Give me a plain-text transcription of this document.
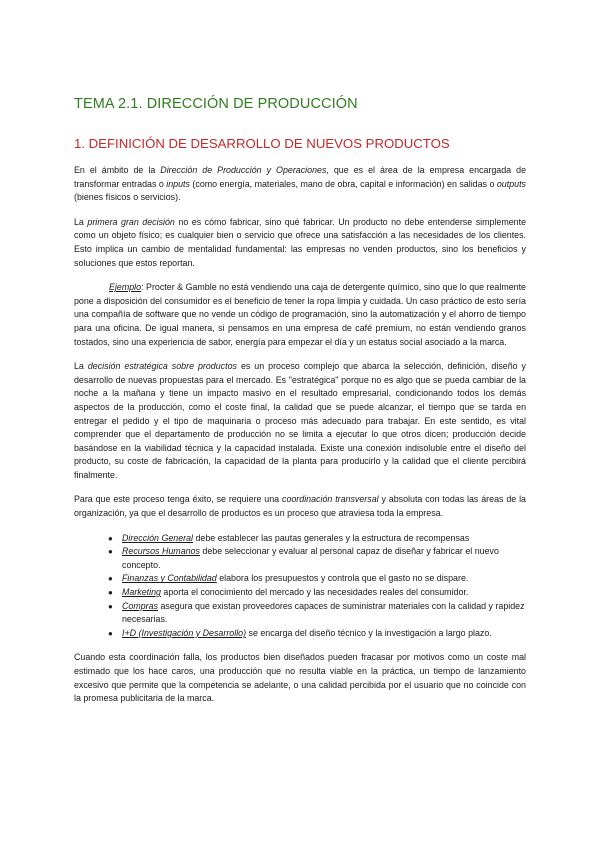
TEMA 2.1. DIRECCIÓN DE PRODUCCIÓN
1. DEFINICIÓN DE DESARROLLO DE NUEVOS PRODUCTOS

En el ámbito de la Dirección de Producción y Operaciones, que es el área de la empresa encargada de transformar entradas o inputs (como energía, materiales, mano de obra, capital e información) en salidas o outputs (bienes físicos o servicios).

La primera gran decisión no es cómo fabricar, sino qué fabricar. Un producto no debe entenderse simplemente como un objeto físico; es cualquier bien o servicio que ofrece una satisfacción a las necesidades de los clientes. Esto implica un cambio de mentalidad fundamental: las empresas no venden productos, sino los beneficios y soluciones que estos reportan.

Ejemplo: Procter & Gamble no está vendiendo una caja de detergente químico, sino que lo que realmente pone a disposición del consumidor es el beneficio de tener la ropa limpia y cuidada. Un caso práctico de esto sería una compañía de software que no vende un código de programación, sino la automatización y el ahorro de tiempo para una oficina. De igual manera, si pensamos en una empresa de café premium, no están vendiendo granos tostados, sino una experiencia de sabor, energía para empezar el día y un estatus social asociado a la marca.

La decisión estratégica sobre productos es un proceso complejo que abarca la selección, definición, diseño y desarrollo de nuevas propuestas para el mercado. Es "estratégica" porque no es algo que se pueda cambiar de la noche a la mañana y tiene un impacto masivo en el resultado empresarial, condicionando todos los demás aspectos de la producción, como el coste final, la calidad que se puede alcanzar, el tiempo que se tarda en entregar el pedido y el tipo de maquinaria o proceso más adecuado para trabajar. En este sentido, es vital comprender que el departamento de producción no se limita a ejecutar lo que otros dicen; producción decide basándose en la viabilidad técnica y la capacidad instalada. Existe una conexión indisoluble entre el diseño del producto, su coste de fabricación, la capacidad de la planta para producirlo y la calidad que el cliente percibirá finalmente.

Para que este proceso tenga éxito, se requiere una coordinación transversal y absoluta con todas las áreas de la organización, ya que el desarrollo de productos es un proceso que atraviesa toda la empresa.

● Dirección General debe establecer las pautas generales y la estructura de recompensas
● Recursos Humanos debe seleccionar y evaluar al personal capaz de diseñar y fabricar el nuevo concepto.
● Finanzas y Contabilidad elabora los presupuestos y controla que el gasto no se dispare.
● Marketing aporta el conocimiento del mercado y las necesidades reales del consumidor.
● Compras asegura que existan proveedores capaces de suministrar materiales con la calidad y rapidez necesarias.
● I+D (Investigación y Desarrollo) se encarga del diseño técnico y la investigación a largo plazo.

Cuando esta coordinación falla, los productos bien diseñados pueden fracasar por motivos como un coste mal estimado que los hace caros, una producción que no resulta viable en la práctica, un tiempo de lanzamiento excesivo que permite que la competencia se adelante, o una calidad percibida por el usuario que no coincide con la promesa publicitaria de la marca.
